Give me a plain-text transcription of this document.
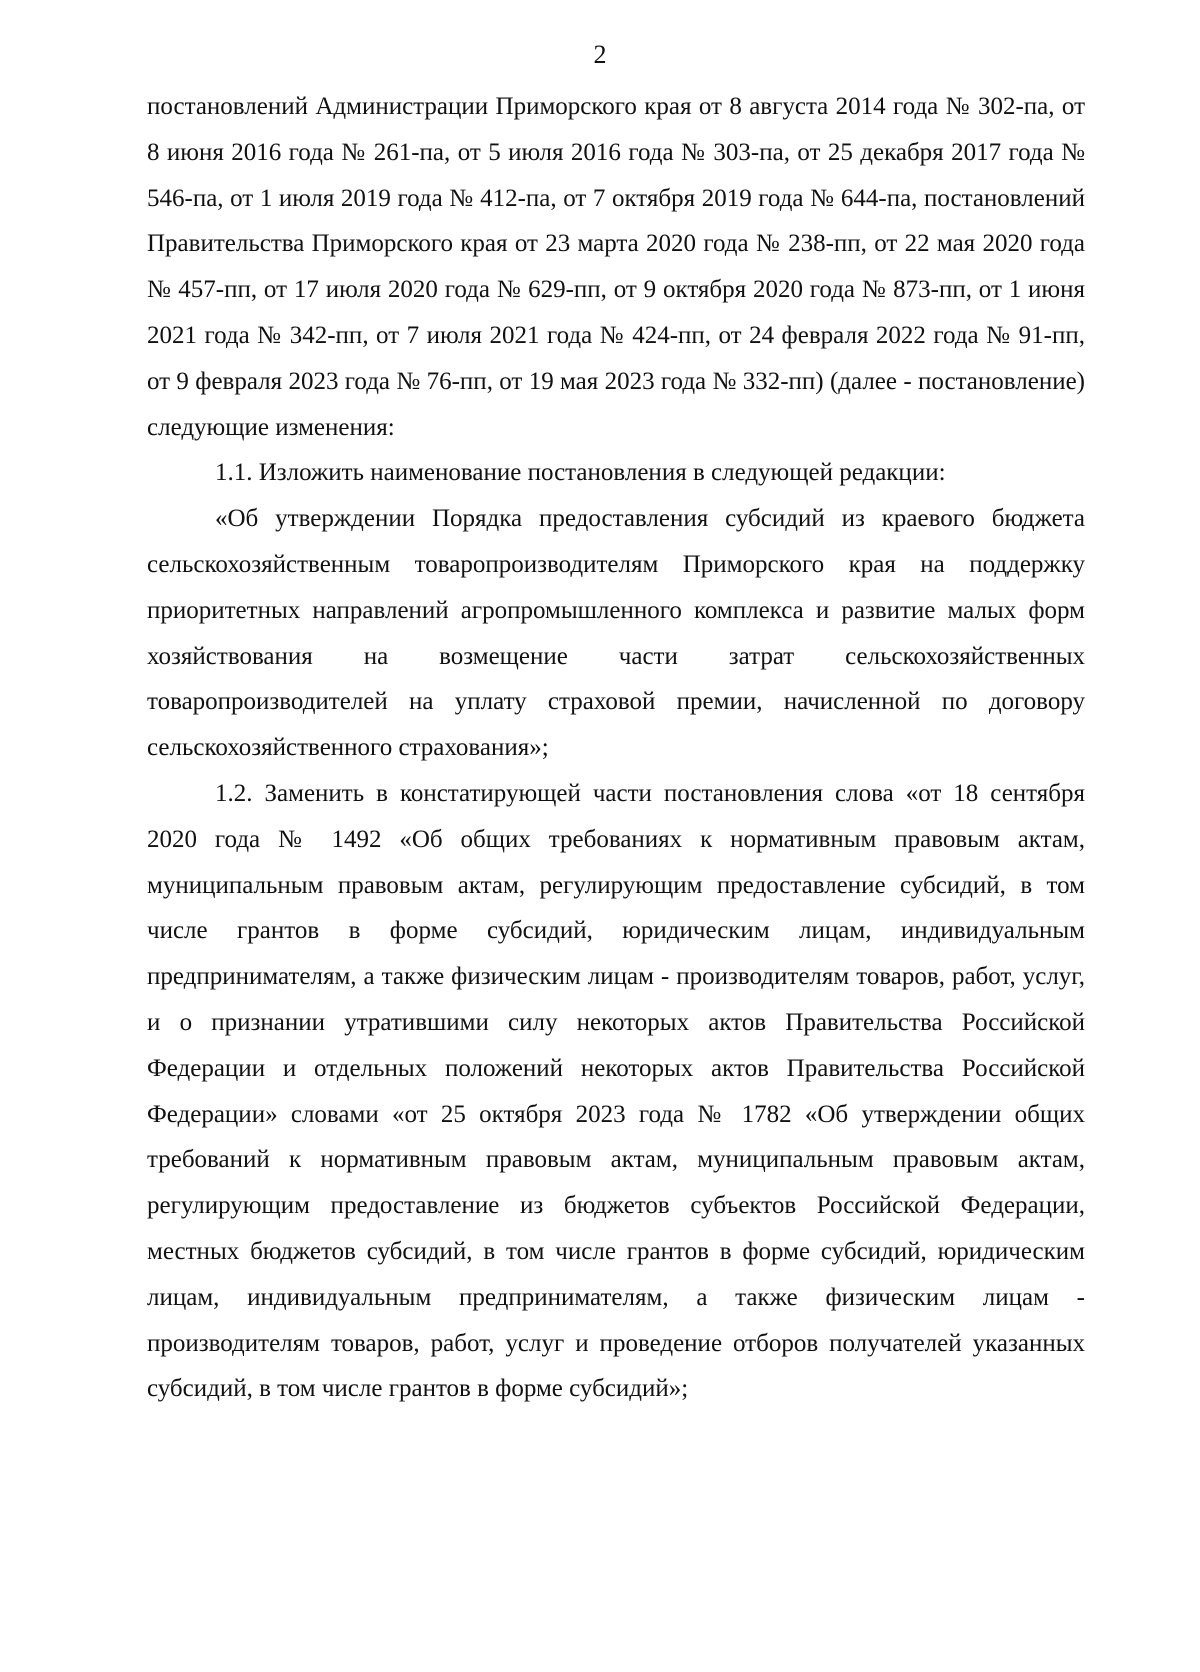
2

постановлений Администрации Приморского края от 8 августа 2014 года № 302-па, от 8 июня 2016 года № 261-па, от 5 июля 2016 года № 303-па, от 25 декабря 2017 года № 546-па, от 1 июля 2019 года № 412-па, от 7 октября 2019 года № 644-па, постановлений Правительства Приморского края от 23 марта 2020 года № 238-пп, от 22 мая 2020 года № 457-пп, от 17 июля 2020 года № 629-пп, от 9 октября 2020 года № 873-пп, от 1 июня 2021 года № 342-пп, от 7 июля 2021 года № 424-пп, от 24 февраля 2022 года № 91-пп, от 9 февраля 2023 года № 76-пп, от 19 мая 2023 года № 332-пп) (далее - постановление) следующие изменения:

1.1. Изложить наименование постановления в следующей редакции:

«Об утверждении Порядка предоставления субсидий из краевого бюджета сельскохозяйственным товаропроизводителям Приморского края на поддержку приоритетных направлений агропромышленного комплекса и развитие малых форм хозяйствования на возмещение части затрат сельскохозяйственных товаропроизводителей на уплату страховой премии, начисленной по договору сельскохозяйственного страхования»;

1.2. Заменить в констатирующей части постановления слова «от 18 сентября 2020 года № 1492 «Об общих требованиях к нормативным правовым актам, муниципальным правовым актам, регулирующим предоставление субсидий, в том числе грантов в форме субсидий, юридическим лицам, индивидуальным предпринимателям, а также физическим лицам - производителям товаров, работ, услуг, и о признании утратившими силу некоторых актов Правительства Российской Федерации и отдельных положений некоторых актов Правительства Российской Федерации» словами «от 25 октября 2023 года № 1782 «Об утверждении общих требований к нормативным правовым актам, муниципальным правовым актам, регулирующим предоставление из бюджетов субъектов Российской Федерации, местных бюджетов субсидий, в том числе грантов в форме субсидий, юридическим лицам, индивидуальным предпринимателям, а также физическим лицам - производителям товаров, работ, услуг и проведение отборов получателей указанных субсидий, в том числе грантов в форме субсидий»;
